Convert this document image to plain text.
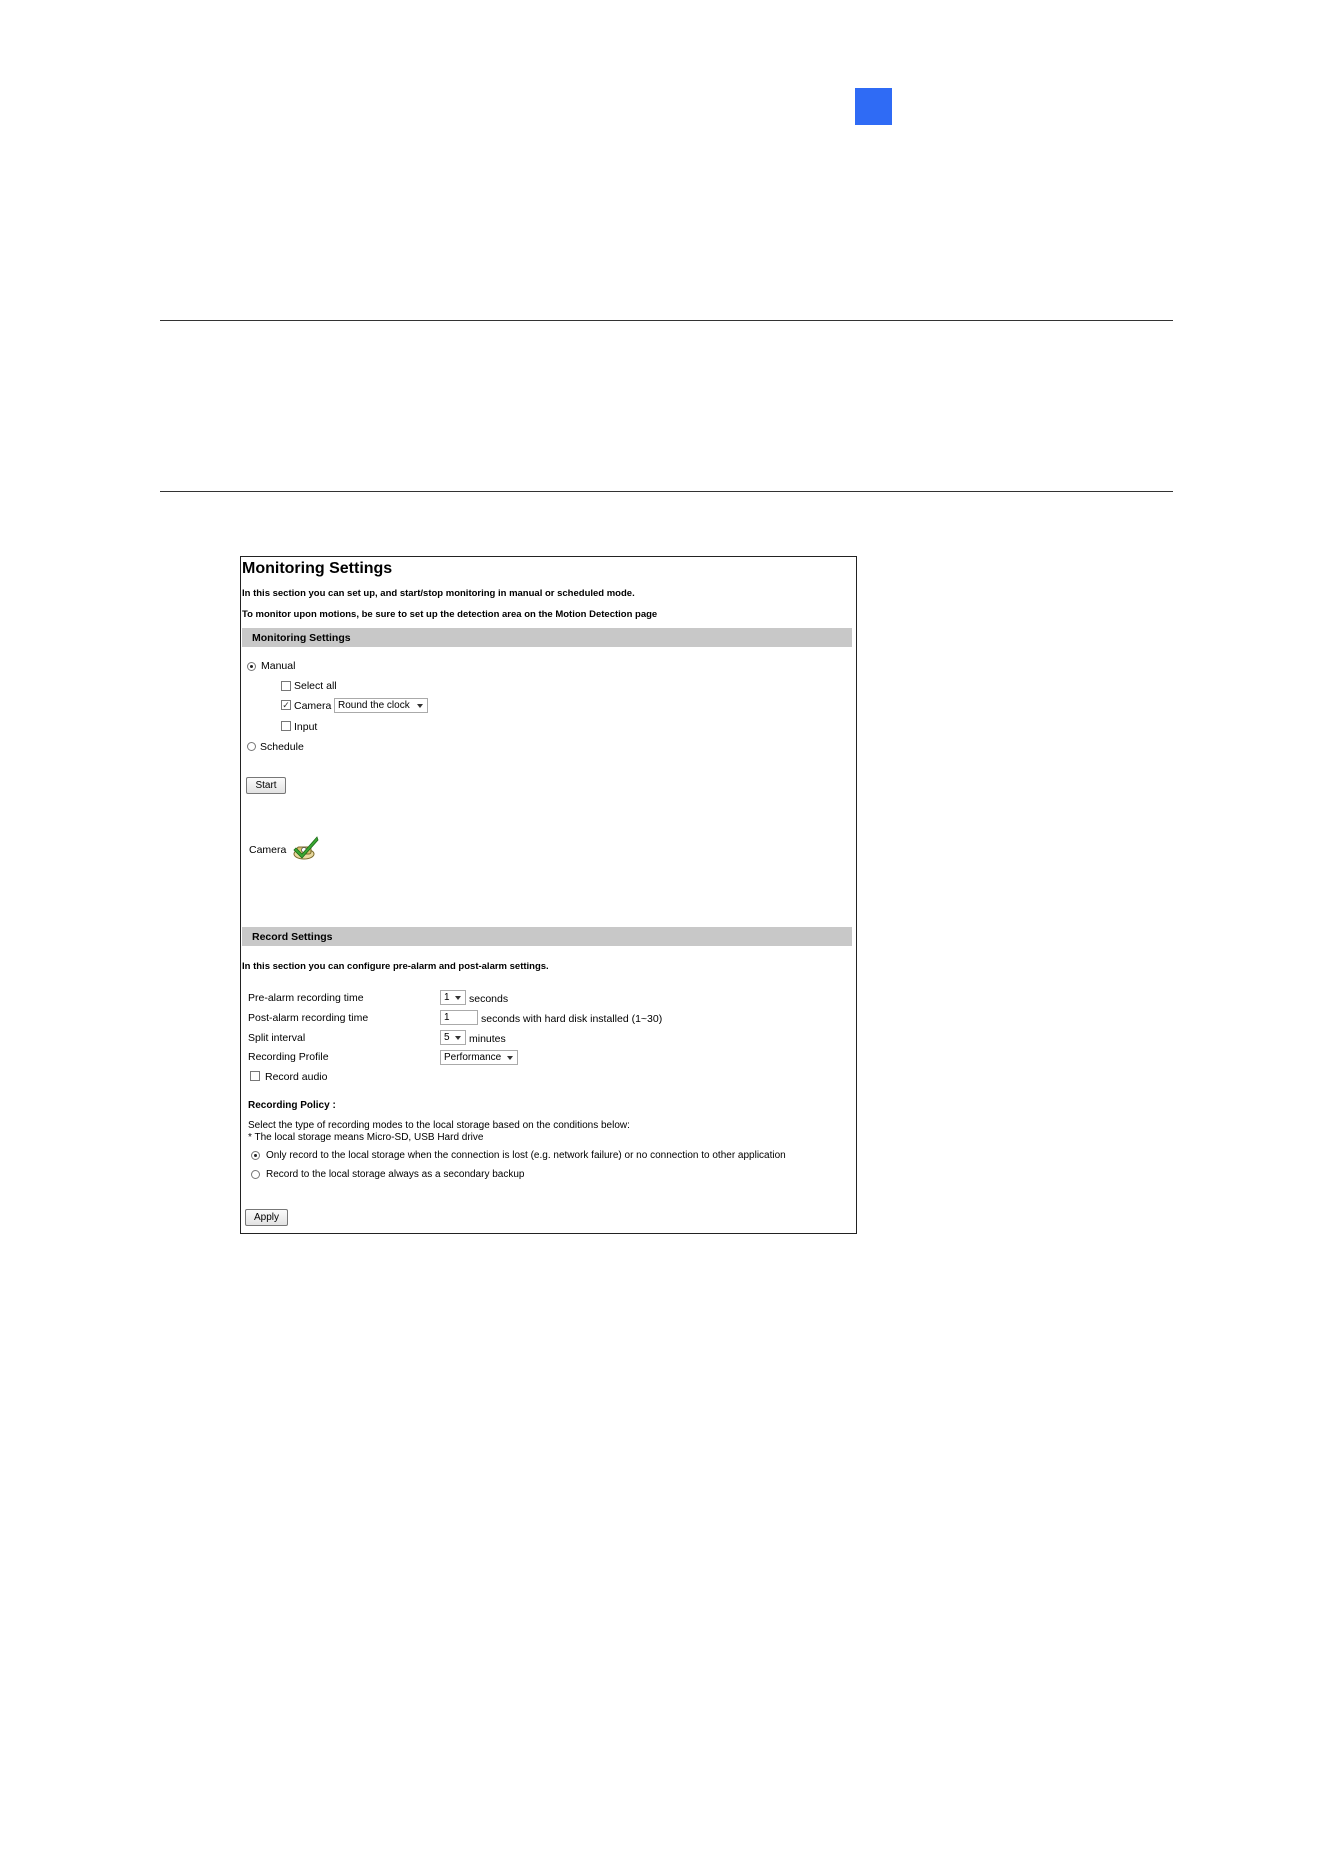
Monitoring Settings
In this section you can set up, and start/stop monitoring in manual or scheduled mode.
To monitor upon motions, be sure to set up the detection area on the Motion Detection page
Monitoring Settings
Manual
Select all
✓ Camera Round the clock
Input
Schedule
Start
Camera
Record Settings
In this section you can configure pre-alarm and post-alarm settings.
Pre-alarm recording time	1	seconds
Post-alarm recording time	1	seconds with hard disk installed (1~30)
Split interval	5	minutes
Recording Profile	Performance
Record audio
Recording Policy :
Select the type of recording modes to the local storage based on the conditions below:
* The local storage means Micro-SD, USB Hard drive
Only record to the local storage when the connection is lost (e.g. network failure) or no connection to other application
Record to the local storage always as a secondary backup
Apply
